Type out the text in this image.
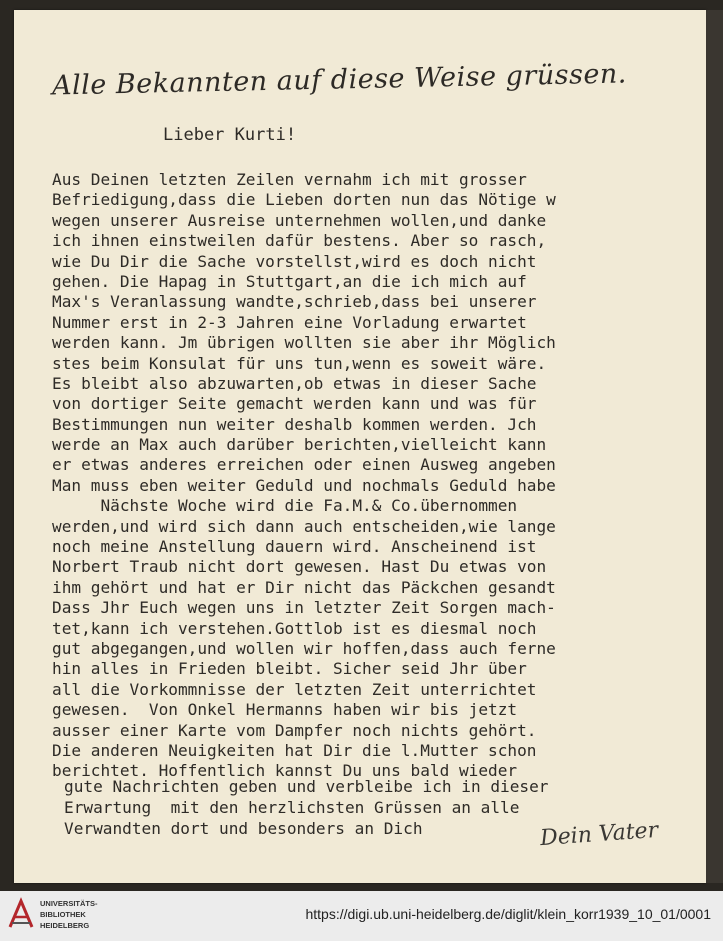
Alle Bekannten auf diese Weise grüssen.
Lieber Kurti!
Aus Deinen letzten Zeilen vernahm ich mit grosser
Befriedigung,dass die Lieben dorten nun das Nötige w
wegen unserer Ausreise unternehmen wollen,und danke
ich ihnen einstweilen dafür bestens. Aber so rasch,
wie Du Dir die Sache vorstellst,wird es doch nicht
gehen. Die Hapag in Stuttgart,an die ich mich auf
Max's Veranlassung wandte,schrieb,dass bei unserer
Nummer erst in 2-3 Jahren eine Vorladung erwartet
werden kann. Jm übrigen wollten sie aber ihr Möglich
stes beim Konsulat für uns tun,wenn es soweit wäre.
Es bleibt also abzuwarten,ob etwas in dieser Sache
von dortiger Seite gemacht werden kann und was für
Bestimmungen nun weiter deshalb kommen werden. Jch
werde an Max auch darüber berichten,vielleicht kann
er etwas anderes erreichen oder einen Ausweg angeben
Man muss eben weiter Geduld und nochmals Geduld habe
Nächste Woche wird die Fa.M.& Co.übernommen
werden,und wird sich dann auch entscheiden,wie lange
noch meine Anstellung dauern wird. Anscheinend ist
Norbert Traub nicht dort gewesen. Hast Du etwas von
ihm gehört und hat er Dir nicht das Päckchen gesandt
Dass Jhr Euch wegen uns in letzter Zeit Sorgen mach-
tet,kann ich verstehen.Gottlob ist es diesmal noch
gut abgegangen,und wollen wir hoffen,dass auch ferne
hin alles in Frieden bleibt. Sicher seid Jhr über
all die Vorkommnisse der letzten Zeit unterrichtet
gewesen.  Von Onkel Hermanns haben wir bis jetzt
ausser einer Karte vom Dampfer noch nichts gehört.
Die anderen Neuigkeiten hat Dir die l.Mutter schon
berichtet. Hoffentlich kannst Du uns bald wieder
gute Nachrichten geben und verbleibe ich in dieser
Erwartung  mit den herzlichsten Grüssen an alle
Verwandten dort und besonders an Dich	Dein Vater
UNIVERSITÄTS-
BIBLIOTHEK
HEIDELBERG
https://digi.ub.uni-heidelberg.de/diglit/klein_korr1939_10_01/0001
